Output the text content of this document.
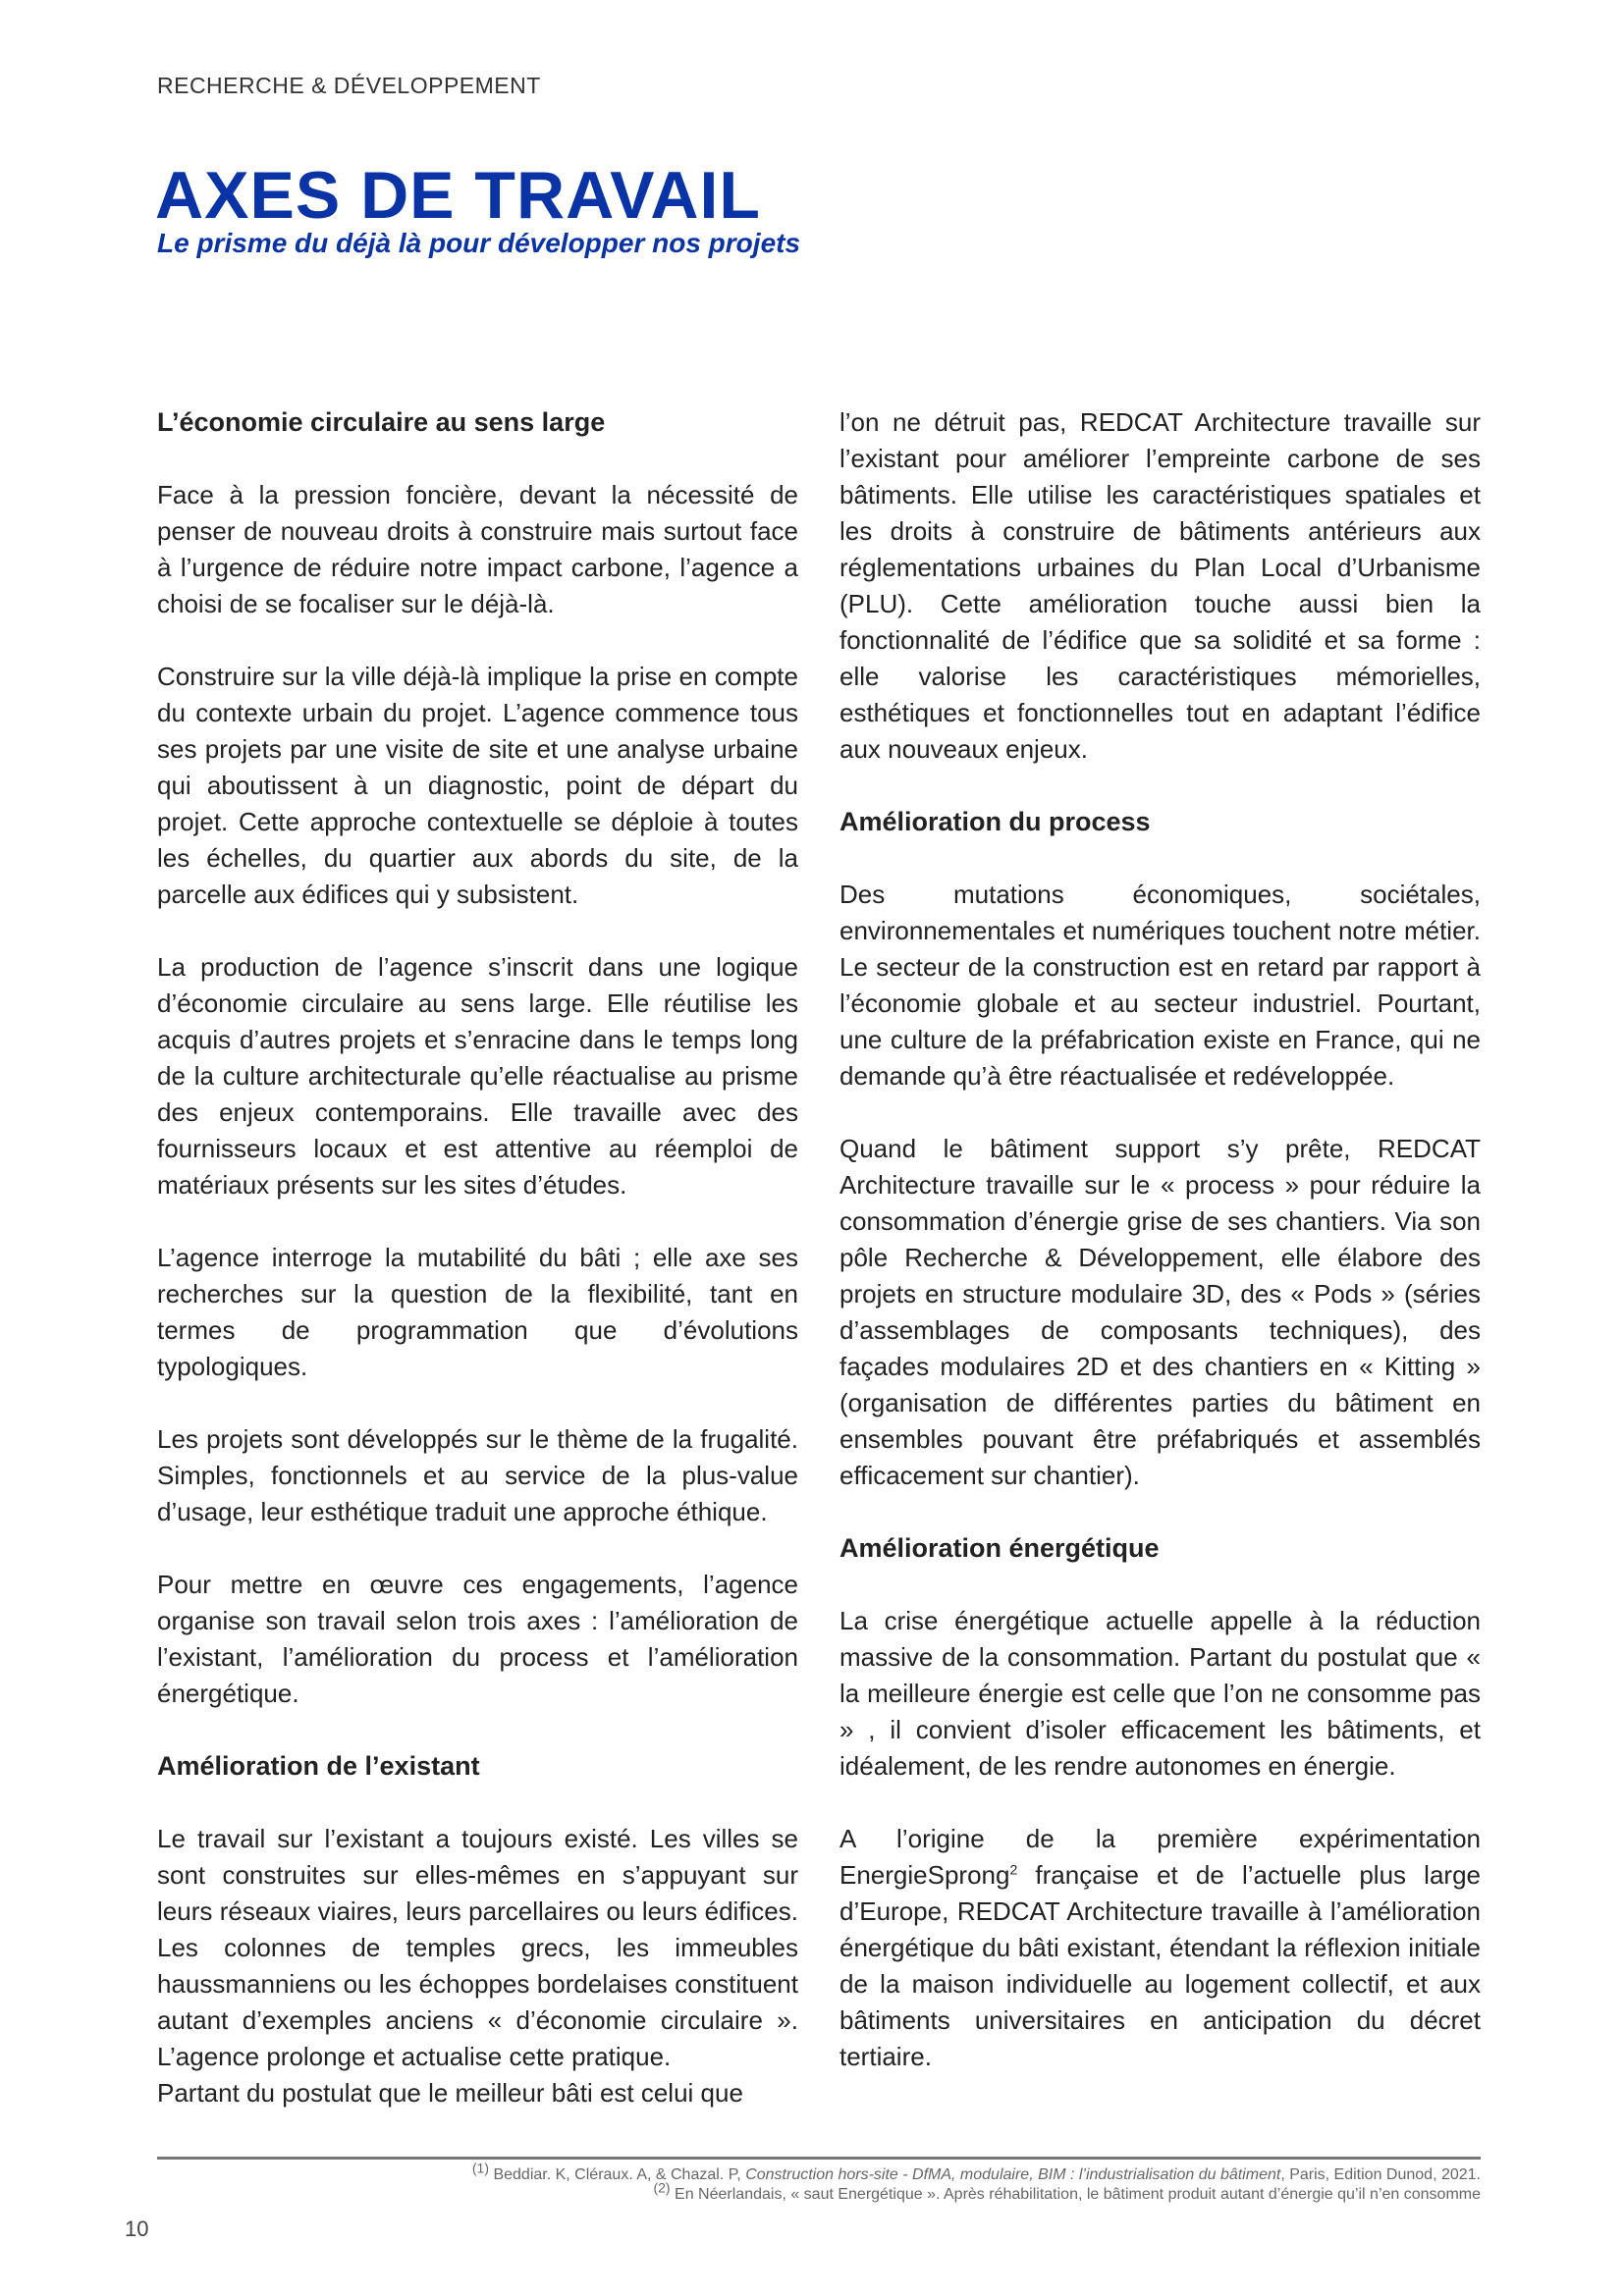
RECHERCHE & DÉVELOPPEMENT
AXES DE TRAVAIL

Le prisme du déjà là pour développer nos projets

L’économie circulaire au sens large

Face à la pression foncière, devant la nécessité de penser de nouveau droits à construire mais surtout face à l’urgence de réduire notre impact carbone, l’agence a choisi de se focaliser sur le déjà-là.

Construire sur la ville déjà-là implique la prise en compte du contexte urbain du projet. L’agence commence tous ses projets par une visite de site et une analyse urbaine qui aboutissent à un diagnostic, point de départ du projet. Cette approche contextuelle se déploie à toutes les échelles, du quartier aux abords du site, de la parcelle aux édifices qui y subsistent.

La production de l’agence s’inscrit dans une logique d’économie circulaire au sens large. Elle réutilise les acquis d’autres projets et s’enracine dans le temps long de la culture architecturale qu’elle réactualise au prisme des enjeux contemporains. Elle travaille avec des fournisseurs locaux et est attentive au réemploi de matériaux présents sur les sites d’études.

L’agence interroge la mutabilité du bâti ; elle axe ses recherches sur la question de la flexibilité, tant en termes de programmation que d’évolutions typologiques.

Les projets sont développés sur le thème de la frugalité. Simples, fonctionnels et au service de la plus-value d’usage, leur esthétique traduit une approche éthique.

Pour mettre en œuvre ces engagements, l’agence organise son travail selon trois axes : l’amélioration de l’existant, l’amélioration du process et l’amélioration énergétique.

Amélioration de l’existant

Le travail sur l’existant a toujours existé. Les villes se sont construites sur elles-mêmes en s’appuyant sur leurs réseaux viaires, leurs parcellaires ou leurs édifices. Les colonnes de temples grecs, les immeubles haussmanniens ou les échoppes bordelaises constituent autant d’exemples anciens « d’économie circulaire ». L’agence prolonge et actualise cette pratique.

Partant du postulat que le meilleur bâti est celui que

l’on ne détruit pas, REDCAT Architecture travaille sur l’existant pour améliorer l’empreinte carbone de ses bâtiments. Elle utilise les caractéristiques spatiales et les droits à construire de bâtiments antérieurs aux réglementations urbaines du Plan Local d’Urbanisme (PLU). Cette amélioration touche aussi bien la fonctionnalité de l’édifice que sa solidité et sa forme : elle valorise les caractéristiques mémorielles, esthétiques et fonctionnelles tout en adaptant l’édifice aux nouveaux enjeux.

Amélioration du process

Des mutations économiques, sociétales, environnementales et numériques touchent notre métier. Le secteur de la construction est en retard par rapport à l’économie globale et au secteur industriel. Pourtant, une culture de la préfabrication existe en France, qui ne demande qu’à être réactualisée et redéveloppée.

Quand le bâtiment support s’y prête, REDCAT Architecture travaille sur le « process » pour réduire la consommation d’énergie grise de ses chantiers. Via son pôle Recherche & Développement, elle élabore des projets en structure modulaire 3D, des « Pods » (séries d’assemblages de composants techniques), des façades modulaires 2D et des chantiers en « Kitting » (organisation de différentes parties du bâtiment en ensembles pouvant être préfabriqués et assemblés efficacement sur chantier).

Amélioration énergétique

La crise énergétique actuelle appelle à la réduction massive de la consommation. Partant du postulat que « la meilleure énergie est celle que l’on ne consomme pas » , il convient d’isoler efficacement les bâtiments, et idéalement, de les rendre autonomes en énergie.

A l’origine de la première expérimentation EnergieSprong$^2$ française et de l’actuelle plus large d’Europe, REDCAT Architecture travaille à l’amélioration énergétique du bâti existant, étendant la réflexion initiale de la maison individuelle au logement collectif, et aux bâtiments universitaires en anticipation du décret tertiaire.

$^{(1)}$ Beddiar. K, Cléraux. A, & Chazal. P, Construction hors-site - DfMA, modulaire, BIM : l’industrialisation du bâtiment, Paris, Edition Dunod, 2021.
$^{(2)}$ En Néerlandais, « saut Energétique ». Après réhabilitation, le bâtiment produit autant d’énergie qu’il n’en consomme
10
